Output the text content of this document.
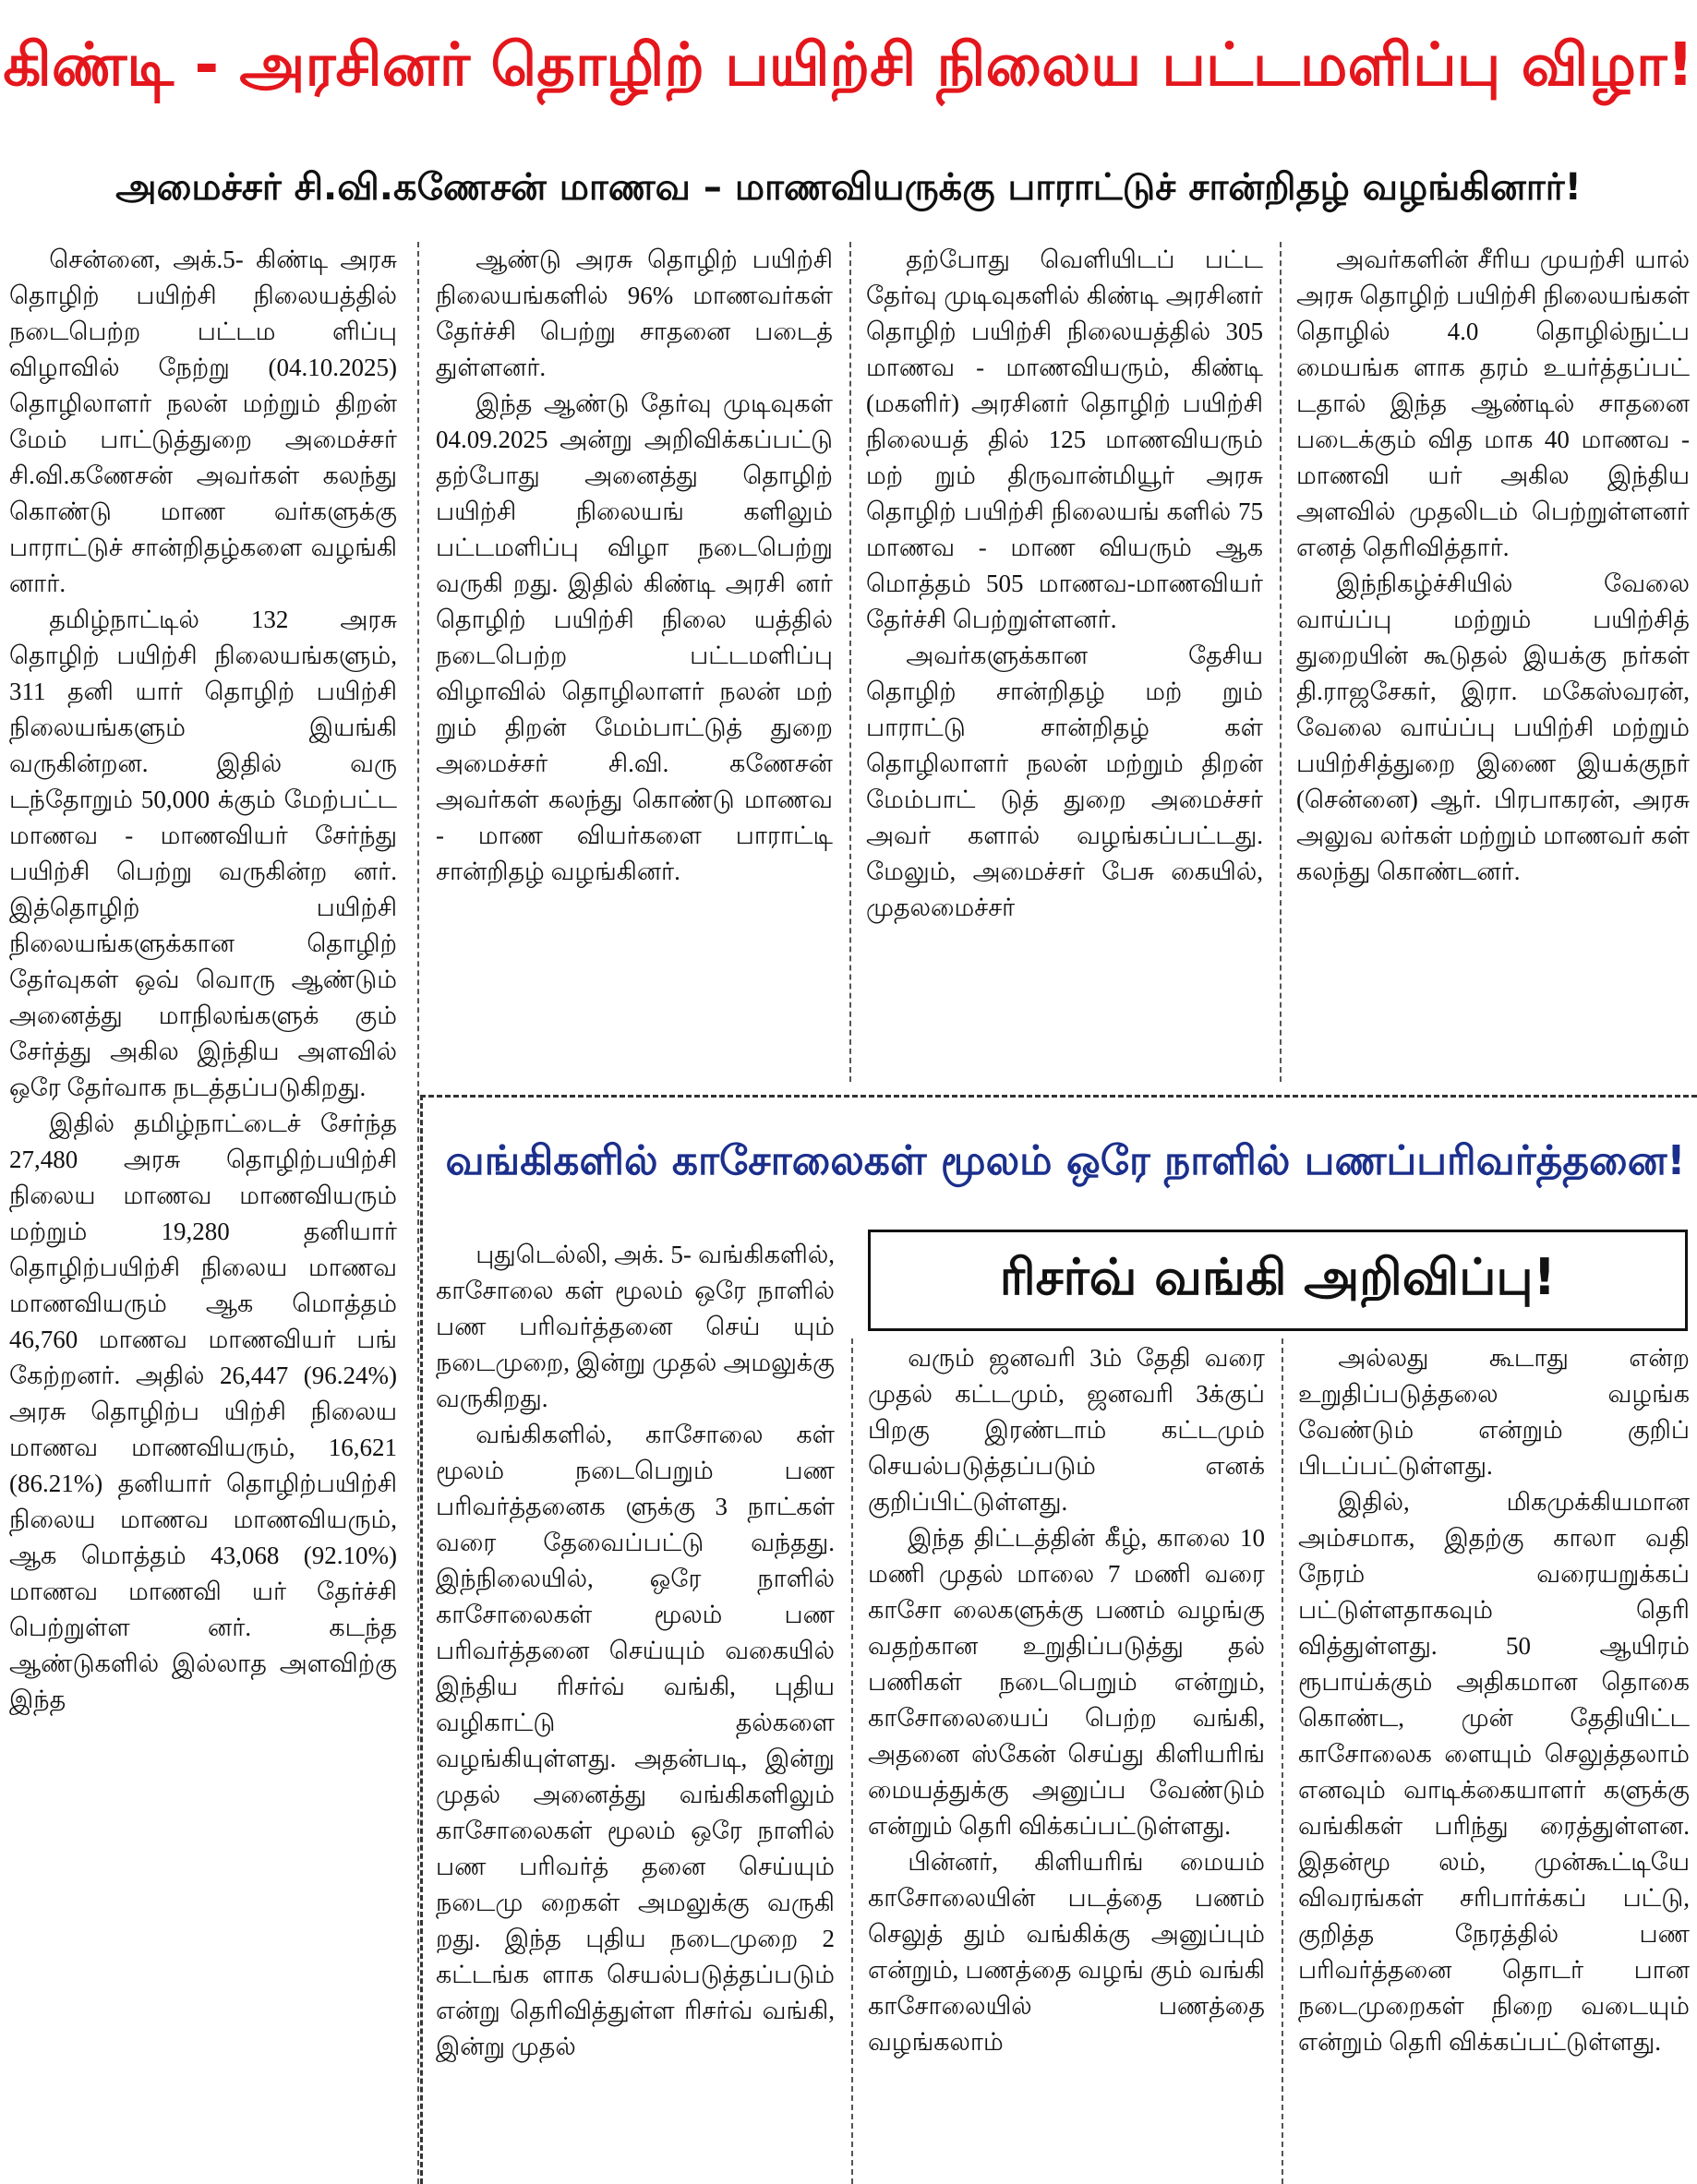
கிண்டி - அரசினர் தொழிற் பயிற்சி நிலைய பட்டமளிப்பு விழா!
அமைச்சர் சி.வி.கணேசன் மாணவ – மாணவியருக்கு பாராட்டுச் சான்றிதழ் வழங்கினார்!

சென்னை, அக்.5- கிண்டி அரசு தொழிற் பயிற்சி நிலையத்தில் நடைபெற்ற பட்டம ளிப்பு விழாவில் நேற்று (04.10.2025) தொழிலாளர் நலன் மற்றும் திறன் மேம் பாட்டுத்துறை அமைச்சர் சி.வி.கணேசன் அவர்கள் கலந்து கொண்டு மாண வர்களுக்கு பாராட்டுச் சான்றிதழ்களை வழங்கி னார்.

தமிழ்நாட்டில் 132 அரசு தொழிற் பயிற்சி நிலையங்களும், 311 தனி யார் தொழிற் பயிற்சி நிலையங்களும் இயங்கி வருகின்றன. இதில் வரு டந்தோறும் 50,000 க்கும் மேற்பட்ட மாணவ - மாணவியர் சேர்ந்து பயிற்சி பெற்று வருகின்ற னர். இத்தொழிற் பயிற்சி நிலையங்களுக்கான தொழிற் தேர்வுகள் ஒவ் வொரு ஆண்டும் அனைத்து மாநிலங்களுக் கும் சேர்த்து அகில இந்திய அளவில் ஒரே தேர்வாக நடத்தப்படுகிறது.

இதில் தமிழ்நாட்டைச் சேர்ந்த 27,480 அரசு தொழிற்பயிற்சி நிலைய மாணவ மாணவியரும் மற்றும் 19,280 தனியார் தொழிற்பயிற்சி நிலைய மாணவ மாணவியரும் ஆக மொத்தம் 46,760 மாணவ மாணவியர் பங் கேற்றனர். அதில் 26,447 (96.24%) அரசு தொழிற்ப யிற்சி நிலைய மாணவ மாணவியரும், 16,621 (86.21%) தனியார் தொழிற்பயிற்சி நிலைய மாணவ மாணவியரும், ஆக மொத்தம் 43,068 (92.10%) மாணவ மாணவி யர் தேர்ச்சி பெற்றுள்ள னர். கடந்த ஆண்டுகளில் இல்லாத அளவிற்கு இந்த

ஆண்டு அரசு தொழிற் பயிற்சி நிலையங்களில் 96% மாணவர்கள் தேர்ச்சி பெற்று சாதனை படைத் துள்ளனர்.

இந்த ஆண்டு தேர்வு முடிவுகள் 04.09.2025 அன்று அறிவிக்கப்பட்டு தற்போது அனைத்து தொழிற் பயிற்சி நிலையங் களிலும் பட்டமளிப்பு விழா நடைபெற்று வருகி றது. இதில் கிண்டி அரசி னர் தொழிற் பயிற்சி நிலை யத்தில் நடைபெற்ற பட்டமளிப்பு விழாவில் தொழிலாளர் நலன் மற் றும் திறன் மேம்பாட்டுத் துறை அமைச்சர் சி.வி. கணேசன் அவர்கள் கலந்து கொண்டு மாணவ - மாண வியர்களை பாராட்டி சான்றிதழ் வழங்கினர்.

தற்போது வெளியிடப் பட்ட தேர்வு முடிவுகளில் கிண்டி அரசினர் தொழிற் பயிற்சி நிலையத்தில் 305 மாணவ - மாணவியரும், கிண்டி (மகளிர்) அரசினர் தொழிற் பயிற்சி நிலையத் தில் 125 மாணவியரும் மற் றும் திருவான்மியூர் அரசு தொழிற் பயிற்சி நிலையங் களில் 75 மாணவ - மாண வியரும் ஆக மொத்தம் 505 மாணவ-மாணவியர் தேர்ச்சி பெற்றுள்ளனர்.

அவர்களுக்கான தேசிய தொழிற் சான்றிதழ் மற் றும் பாராட்டு சான்றிதழ் கள் தொழிலாளர் நலன் மற்றும் திறன் மேம்பாட் டுத் துறை அமைச்சர் அவர் களால் வழங்கப்பட்டது. மேலும், அமைச்சர் பேசு கையில், முதலமைச்சர்

அவர்களின் சீரிய முயற்சி யால் அரசு தொழிற் பயிற்சி நிலையங்கள் தொழில் 4.0 தொழில்நுட்ப மையங்க ளாக தரம் உயர்த்தப்பட் டதால் இந்த ஆண்டில் சாதனை படைக்கும் வித மாக 40 மாணவ - மாணவி யர் அகில இந்திய அளவில் முதலிடம் பெற்றுள்ளனர் எனத் தெரிவித்தார்.

இந்நிகழ்ச்சியில் வேலை வாய்ப்பு மற்றும் பயிற்சித் துறையின் கூடுதல் இயக்கு நர்கள் தி.ராஜசேகர், இரா. மகேஸ்வரன், வேலை வாய்ப்பு பயிற்சி மற்றும் பயிற்சித்துறை இணை இயக்குநர் (சென்னை) ஆர். பிரபாகரன், அரசு அலுவ லர்கள் மற்றும் மாணவர் கள் கலந்து கொண்டனர்.

வங்கிகளில் காசோலைகள் மூலம் ஒரே நாளில் பணப்பரிவர்த்தனை!
ரிசர்வ் வங்கி அறிவிப்பு!

புதுடெல்லி, அக். 5- வங்கிகளில், காசோலை கள் மூலம் ஒரே நாளில் பண பரிவர்த்தனை செய் யும் நடைமுறை, இன்று முதல் அமலுக்கு வருகிறது.

வங்கிகளில், காசோலை கள் மூலம் நடைபெறும் பண பரிவர்த்தனைக ளுக்கு 3 நாட்கள் வரை தேவைப்பட்டு வந்தது. இந்நிலையில், ஒரே நாளில் காசோலைகள் மூலம் பண பரிவர்த்தனை செய்யும் வகையில் இந்திய ரிசர்வ் வங்கி, புதிய வழிகாட்டு தல்களை வழங்கியுள்ளது. அதன்படி, இன்று முதல் அனைத்து வங்கிகளிலும் காசோலைகள் மூலம் ஒரே நாளில் பண பரிவர்த் தனை செய்யும் நடைமு றைகள் அமலுக்கு வருகி றது. இந்த புதிய நடைமுறை 2 கட்டங்க ளாக செயல்படுத்தப்படும் என்று தெரிவித்துள்ள ரிசர்வ் வங்கி, இன்று முதல்

வரும் ஜனவரி 3ம் தேதி வரை முதல் கட்டமும், ஜனவரி 3க்குப் பிறகு இரண்டாம் கட்டமும் செயல்படுத்தப்படும் எனக் குறிப்பிட்டுள்ளது.

இந்த திட்டத்தின் கீழ், காலை 10 மணி முதல் மாலை 7 மணி வரை காசோ லைகளுக்கு பணம் வழங்கு வதற்கான உறுதிப்படுத்து தல் பணிகள் நடைபெறும் என்றும், காசோலையைப் பெற்ற வங்கி, அதனை ஸ்கேன் செய்து கிளியரிங் மையத்துக்கு அனுப்ப வேண்டும் என்றும் தெரி விக்கப்பட்டுள்ளது.

பின்னர், கிளியரிங் மையம் காசோலையின் படத்தை பணம் செலுத் தும் வங்கிக்கு அனுப்பும் என்றும், பணத்தை வழங் கும் வங்கி காசோலையில் பணத்தை வழங்கலாம்

அல்லது கூடாது என்ற உறுதிப்படுத்தலை வழங்க வேண்டும் என்றும் குறிப் பிடப்பட்டுள்ளது.

இதில், மிகமுக்கியமான அம்சமாக, இதற்கு காலா வதி நேரம் வரையறுக்கப் பட்டுள்ளதாகவும் தெரி வித்துள்ளது. 50 ஆயிரம் ரூபாய்க்கும் அதிகமான தொகை கொண்ட, முன் தேதியிட்ட காசோலைக ளையும் செலுத்தலாம் எனவும் வாடிக்கையாளர் களுக்கு வங்கிகள் பரிந்து ரைத்துள்ளன. இதன்மூ லம், முன்கூட்டியே விவரங்கள் சரிபார்க்கப் பட்டு, குறித்த நேரத்தில் பண பரிவர்த்தனை தொடர் பான நடைமுறைகள் நிறை வடையும் என்றும் தெரி விக்கப்பட்டுள்ளது.
